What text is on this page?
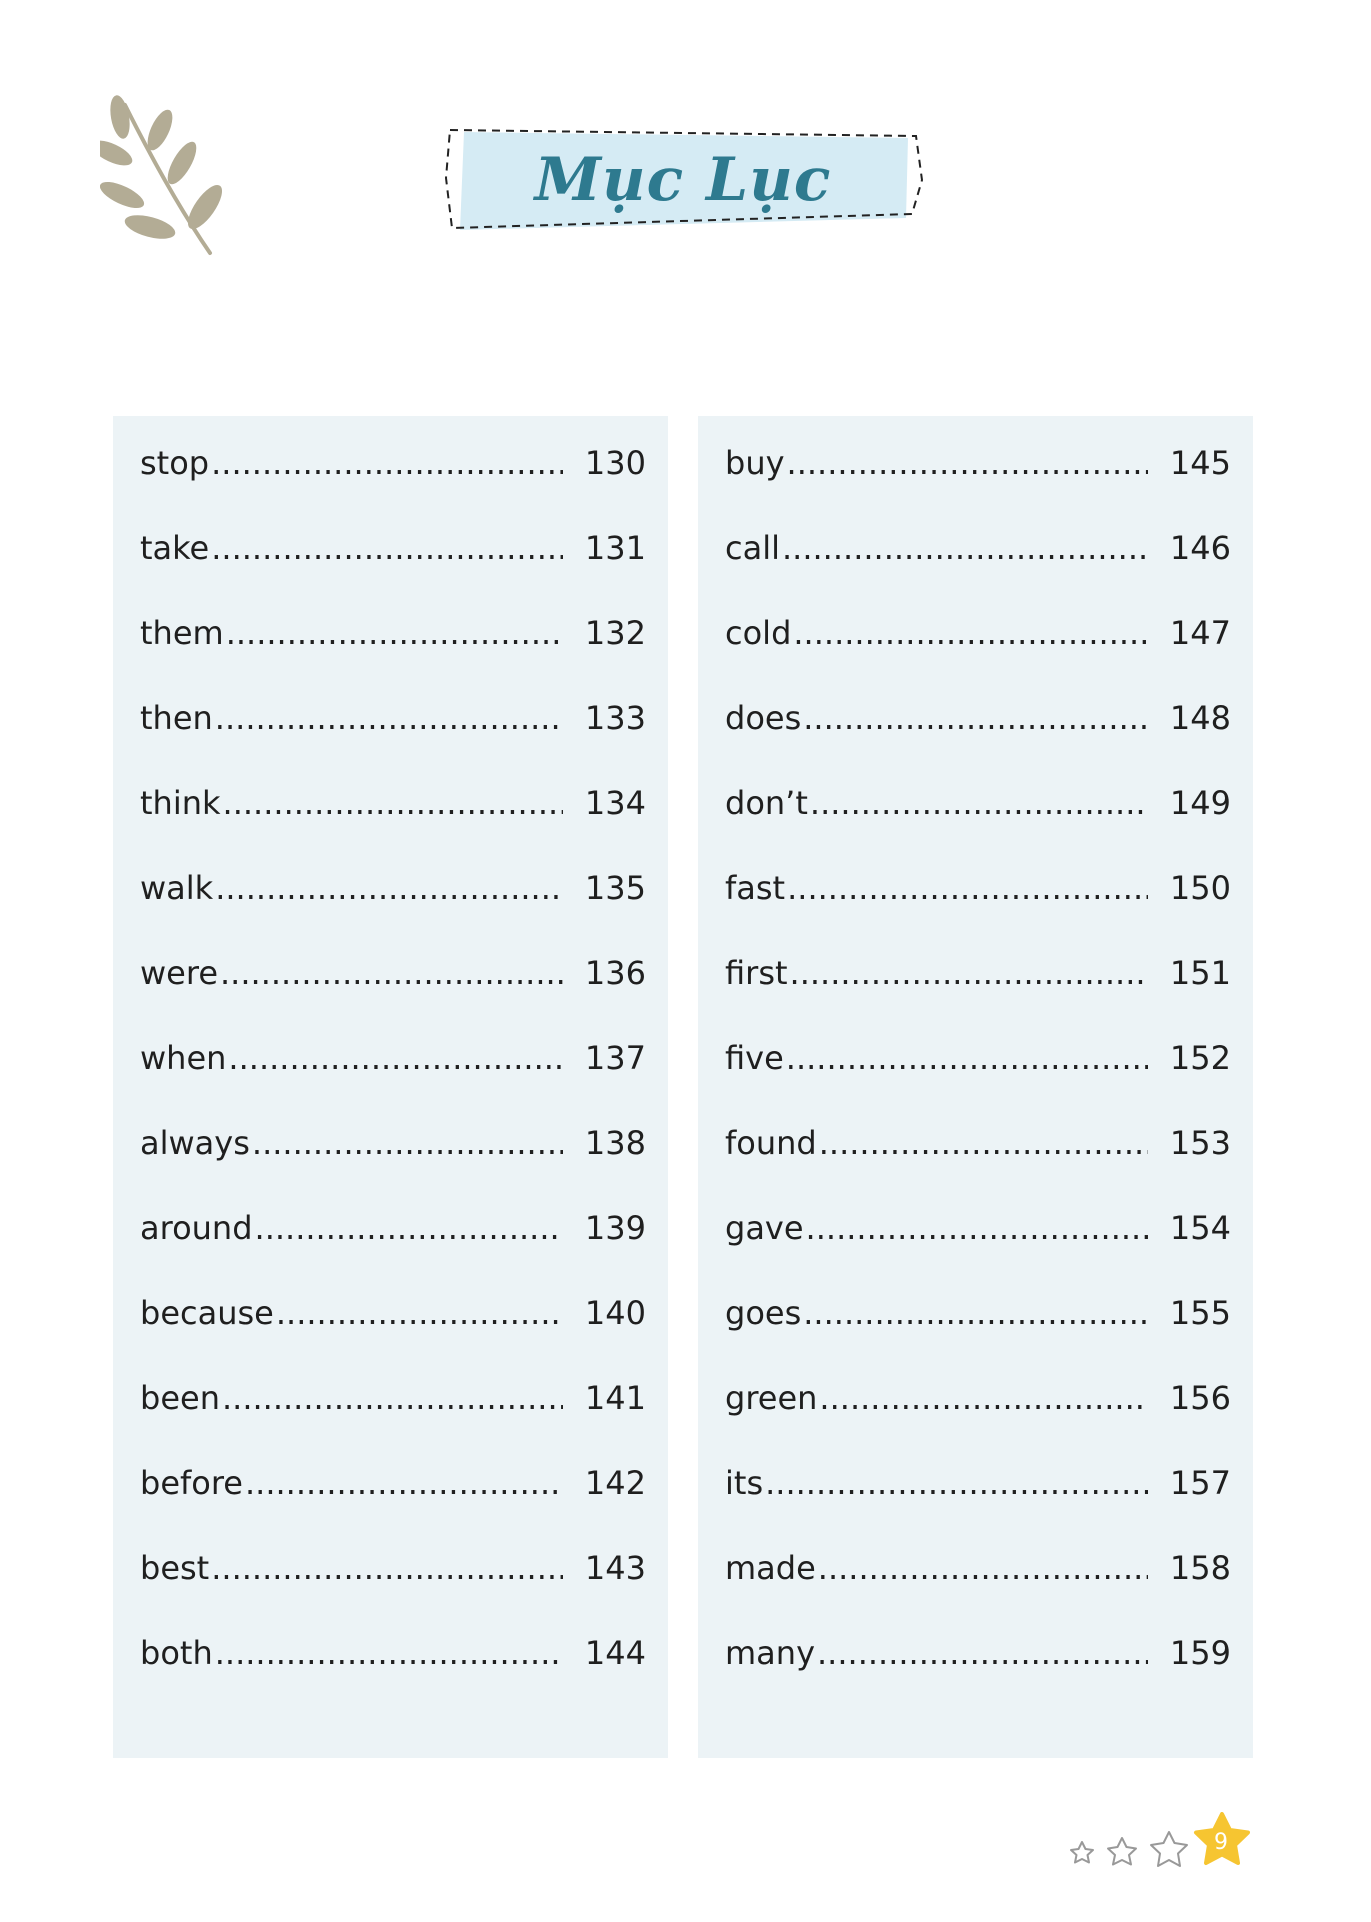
Mục Lục
stop .....	130
take .....	131
them .....	132
then .....	133
think .....	134
walk .....	135
were .....	136
when .....	137
always .....	138
around .....	139
because .....	140
been .....	141
before .....	142
best .....	143
both .....	144
buy .....	145
call .....	146
cold .....	147
does .....	148
don’t .....	149
fast .....	150
first .....	151
five .....	152
found .....	153
gave .....	154
goes .....	155
green .....	156
its .....	157
made .....	158
many .....	159
9
